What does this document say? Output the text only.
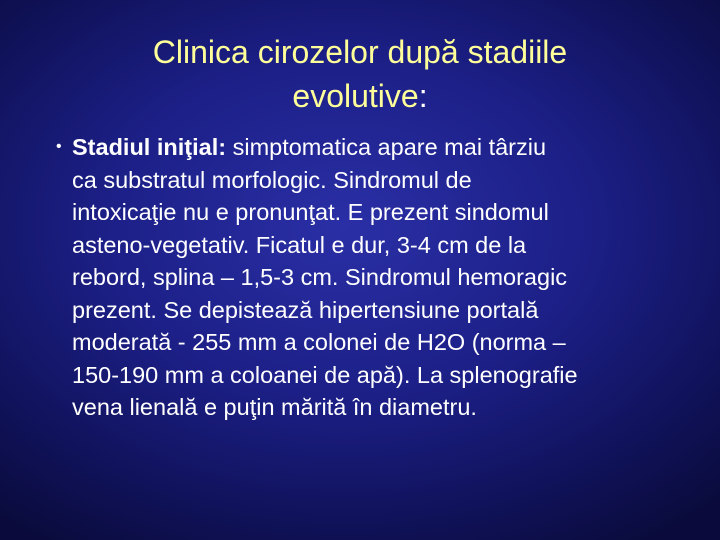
Clinica cirozelor după stadiile
evolutive:
• Stadiul iniţial: simptomatica apare mai târziu
ca substratul morfologic. Sindromul de
intoxicaţie nu e pronunţat. E prezent sindomul
asteno-vegetativ. Ficatul e dur, 3-4 cm de la
rebord, splina – 1,5-3 cm. Sindromul hemoragic
prezent. Se depistează hipertensiune portală
moderată - 255 mm a colonei de H2O (norma –
150-190 mm a coloanei de apă). La splenografie
vena lienală e puţin mărită în diametru.
